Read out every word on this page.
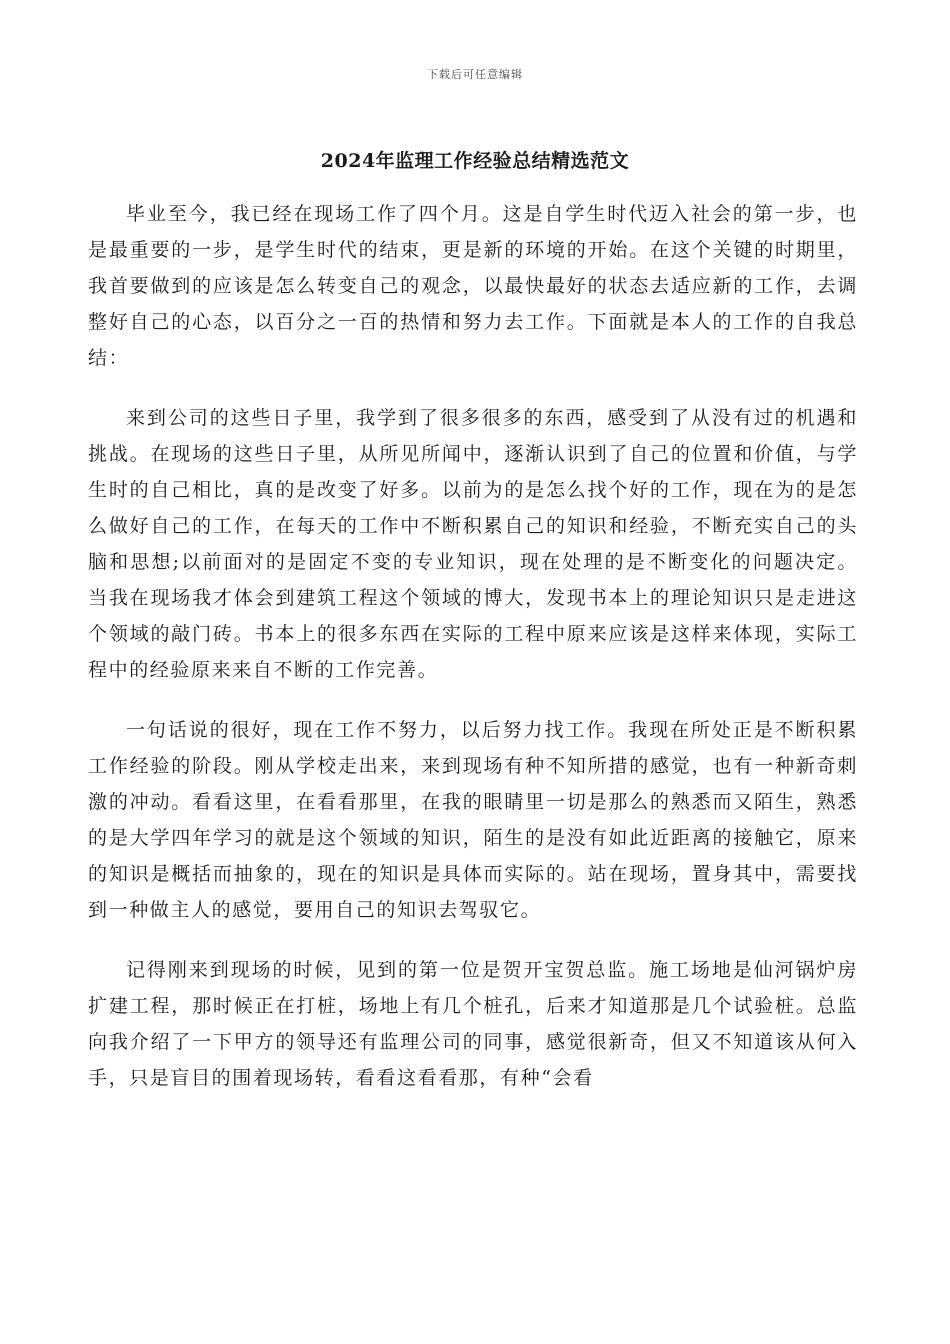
下载后可任意编辑
2024年监理工作经验总结精选范文

毕业至今，我已经在现场工作了四个月。这是自学生时代迈入社会的第一步，也是最重要的一步，是学生时代的结束，更是新的环境的开始。在这个关键的时期里，我首要做到的应该是怎么转变自己的观念，以最快最好的状态去适应新的工作，去调整好自己的心态，以百分之一百的热情和努力去工作。下面就是本人的工作的自我总结：

来到公司的这些日子里，我学到了很多很多的东西，感受到了从没有过的机遇和挑战。在现场的这些日子里，从所见所闻中，逐渐认识到了自己的位置和价值，与学生时的自己相比，真的是改变了好多。以前为的是怎么找个好的工作，现在为的是怎么做好自己的工作，在每天的工作中不断积累自己的知识和经验，不断充实自己的头脑和思想;以前面对的是固定不变的专业知识，现在处理的是不断变化的问题决定。当我在现场我才体会到建筑工程这个领域的博大，发现书本上的理论知识只是走进这个领域的敲门砖。书本上的很多东西在实际的工程中原来应该是这样来体现，实际工程中的经验原来来自不断的工作完善。

一句话说的很好，现在工作不努力，以后努力找工作。我现在所处正是不断积累工作经验的阶段。刚从学校走出来，来到现场有种不知所措的感觉，也有一种新奇刺激的冲动。看看这里，在看看那里，在我的眼睛里一切是那么的熟悉而又陌生，熟悉的是大学四年学习的就是这个领域的知识，陌生的是没有如此近距离的接触它，原来的知识是概括而抽象的，现在的知识是具体而实际的。站在现场，置身其中，需要找到一种做主人的感觉，要用自己的知识去驾驭它。

记得刚来到现场的时候，见到的第一位是贺开宝贺总监。施工场地是仙河锅炉房扩建工程，那时候正在打桩，场地上有几个桩孔，后来才知道那是几个试验桩。总监向我介绍了一下甲方的领导还有监理公司的同事，感觉很新奇，但又不知道该从何入手，只是盲目的围着现场转，看看这看看那，有种“会看
